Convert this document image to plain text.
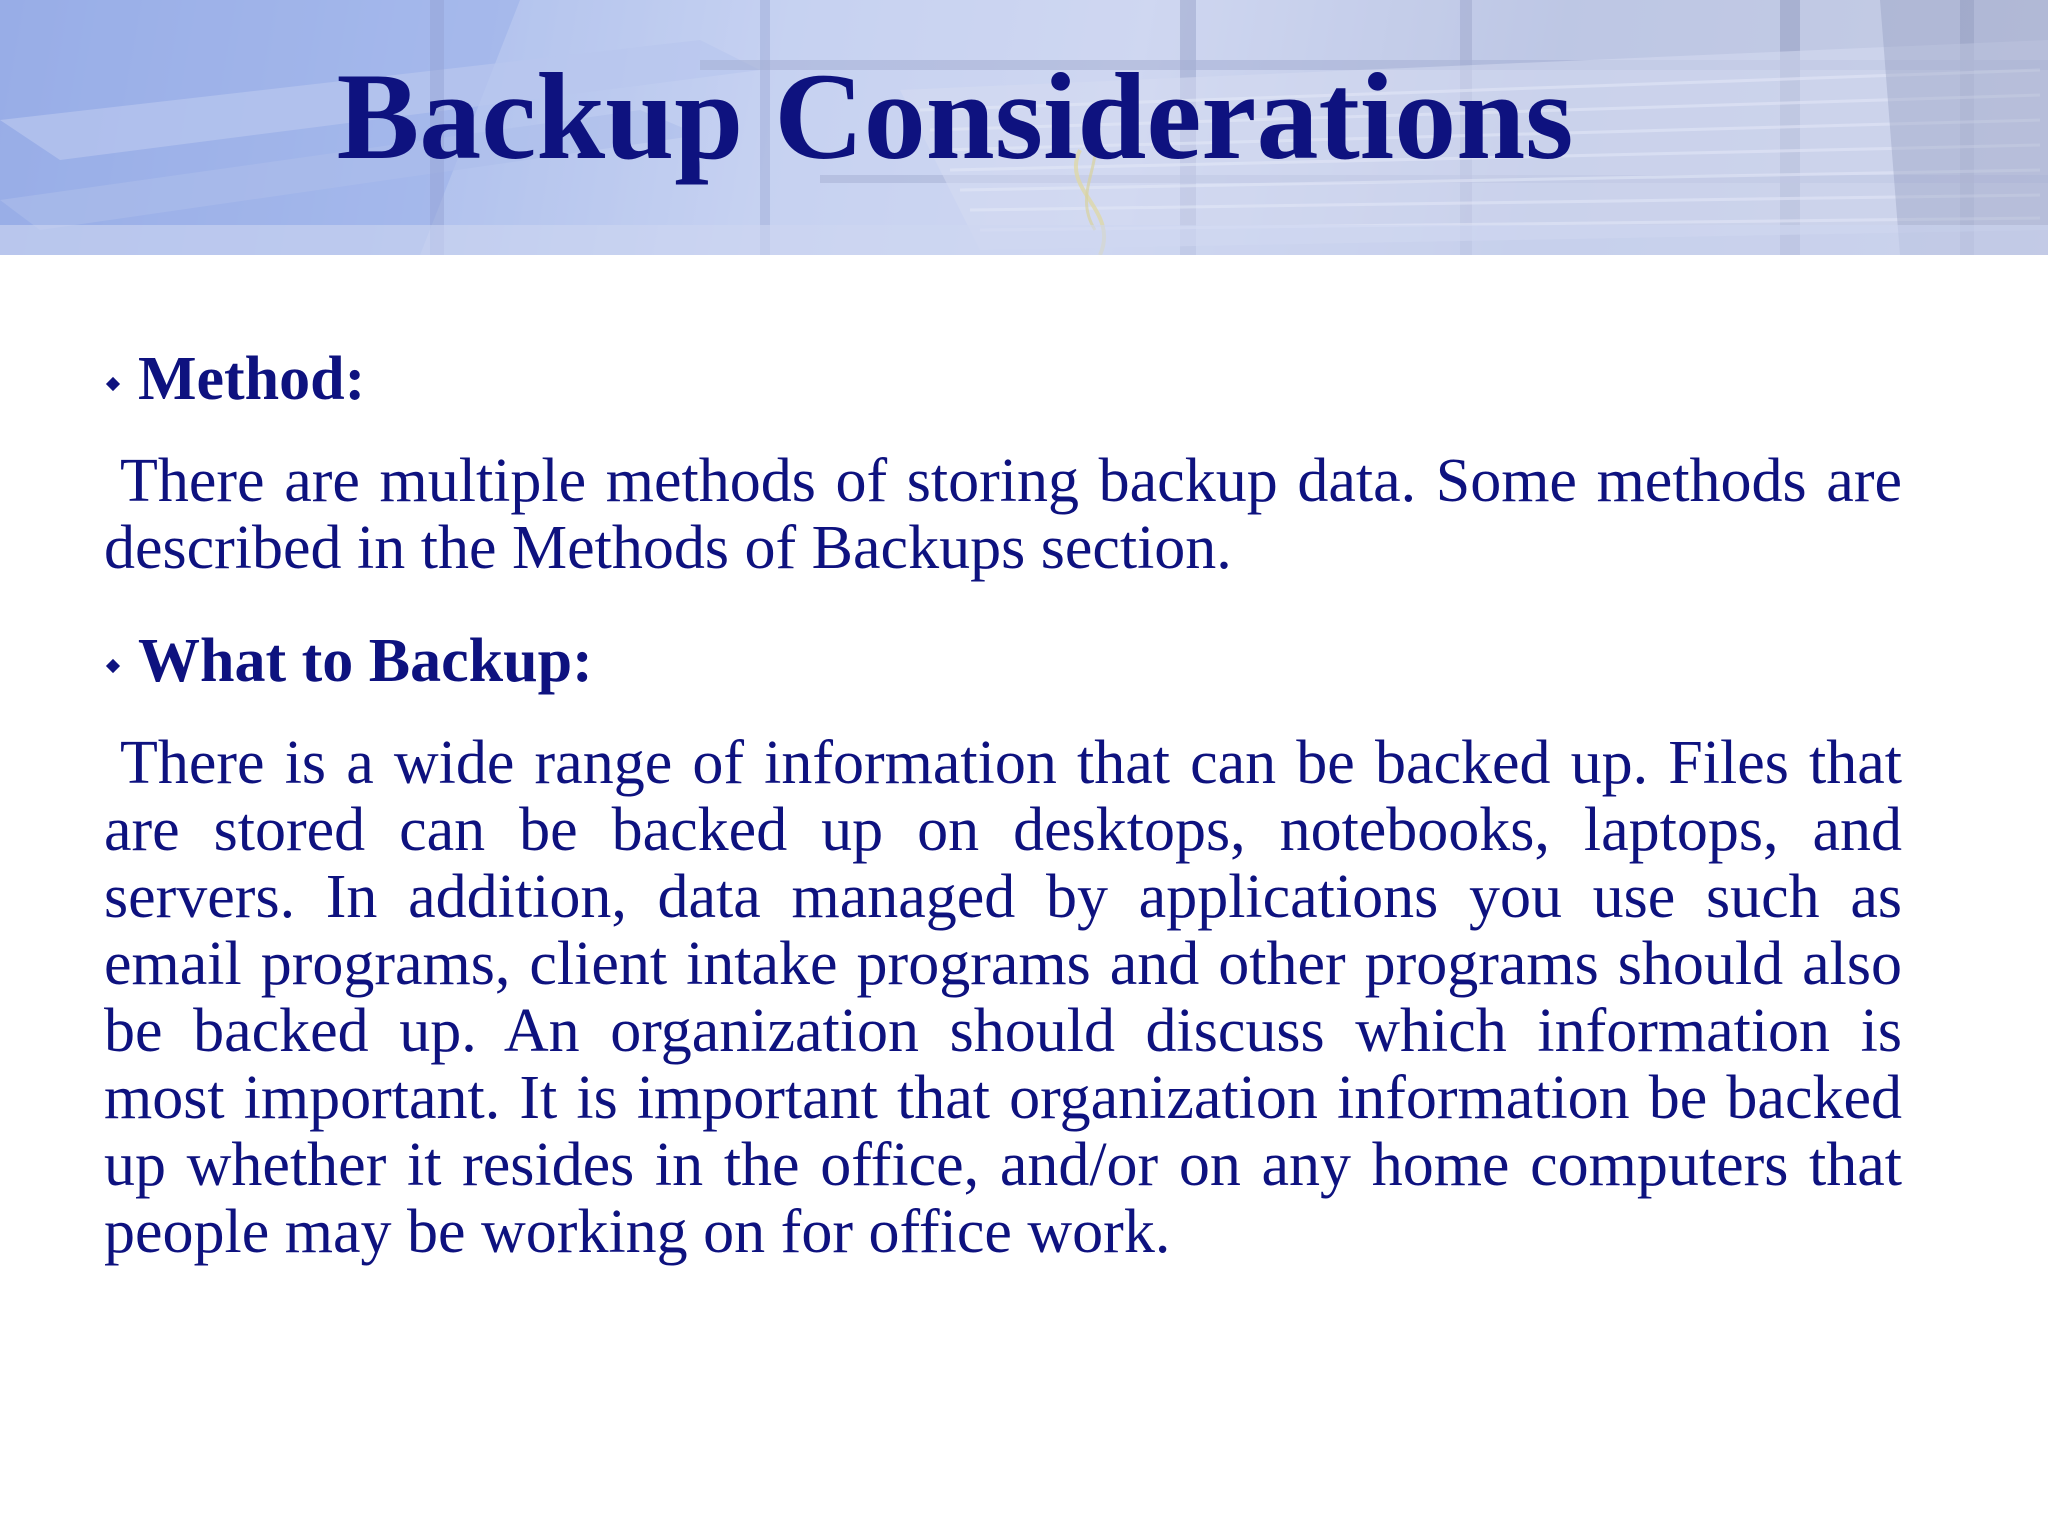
Backup Considerations
Method:

There are multiple methods of storing backup data. Some methods are described in the Methods of Backups section.

What to Backup:

There is a wide range of information that can be backed up. Files that are stored can be backed up on desktops, notebooks, laptops, and servers. In addition, data managed by applications you use such as email programs, client intake programs and other programs should also be backed up. An organization should discuss which information is most important. It is important that organization information be backed up whether it resides in the office, and/or on any home computers that people may be working on for office work.
